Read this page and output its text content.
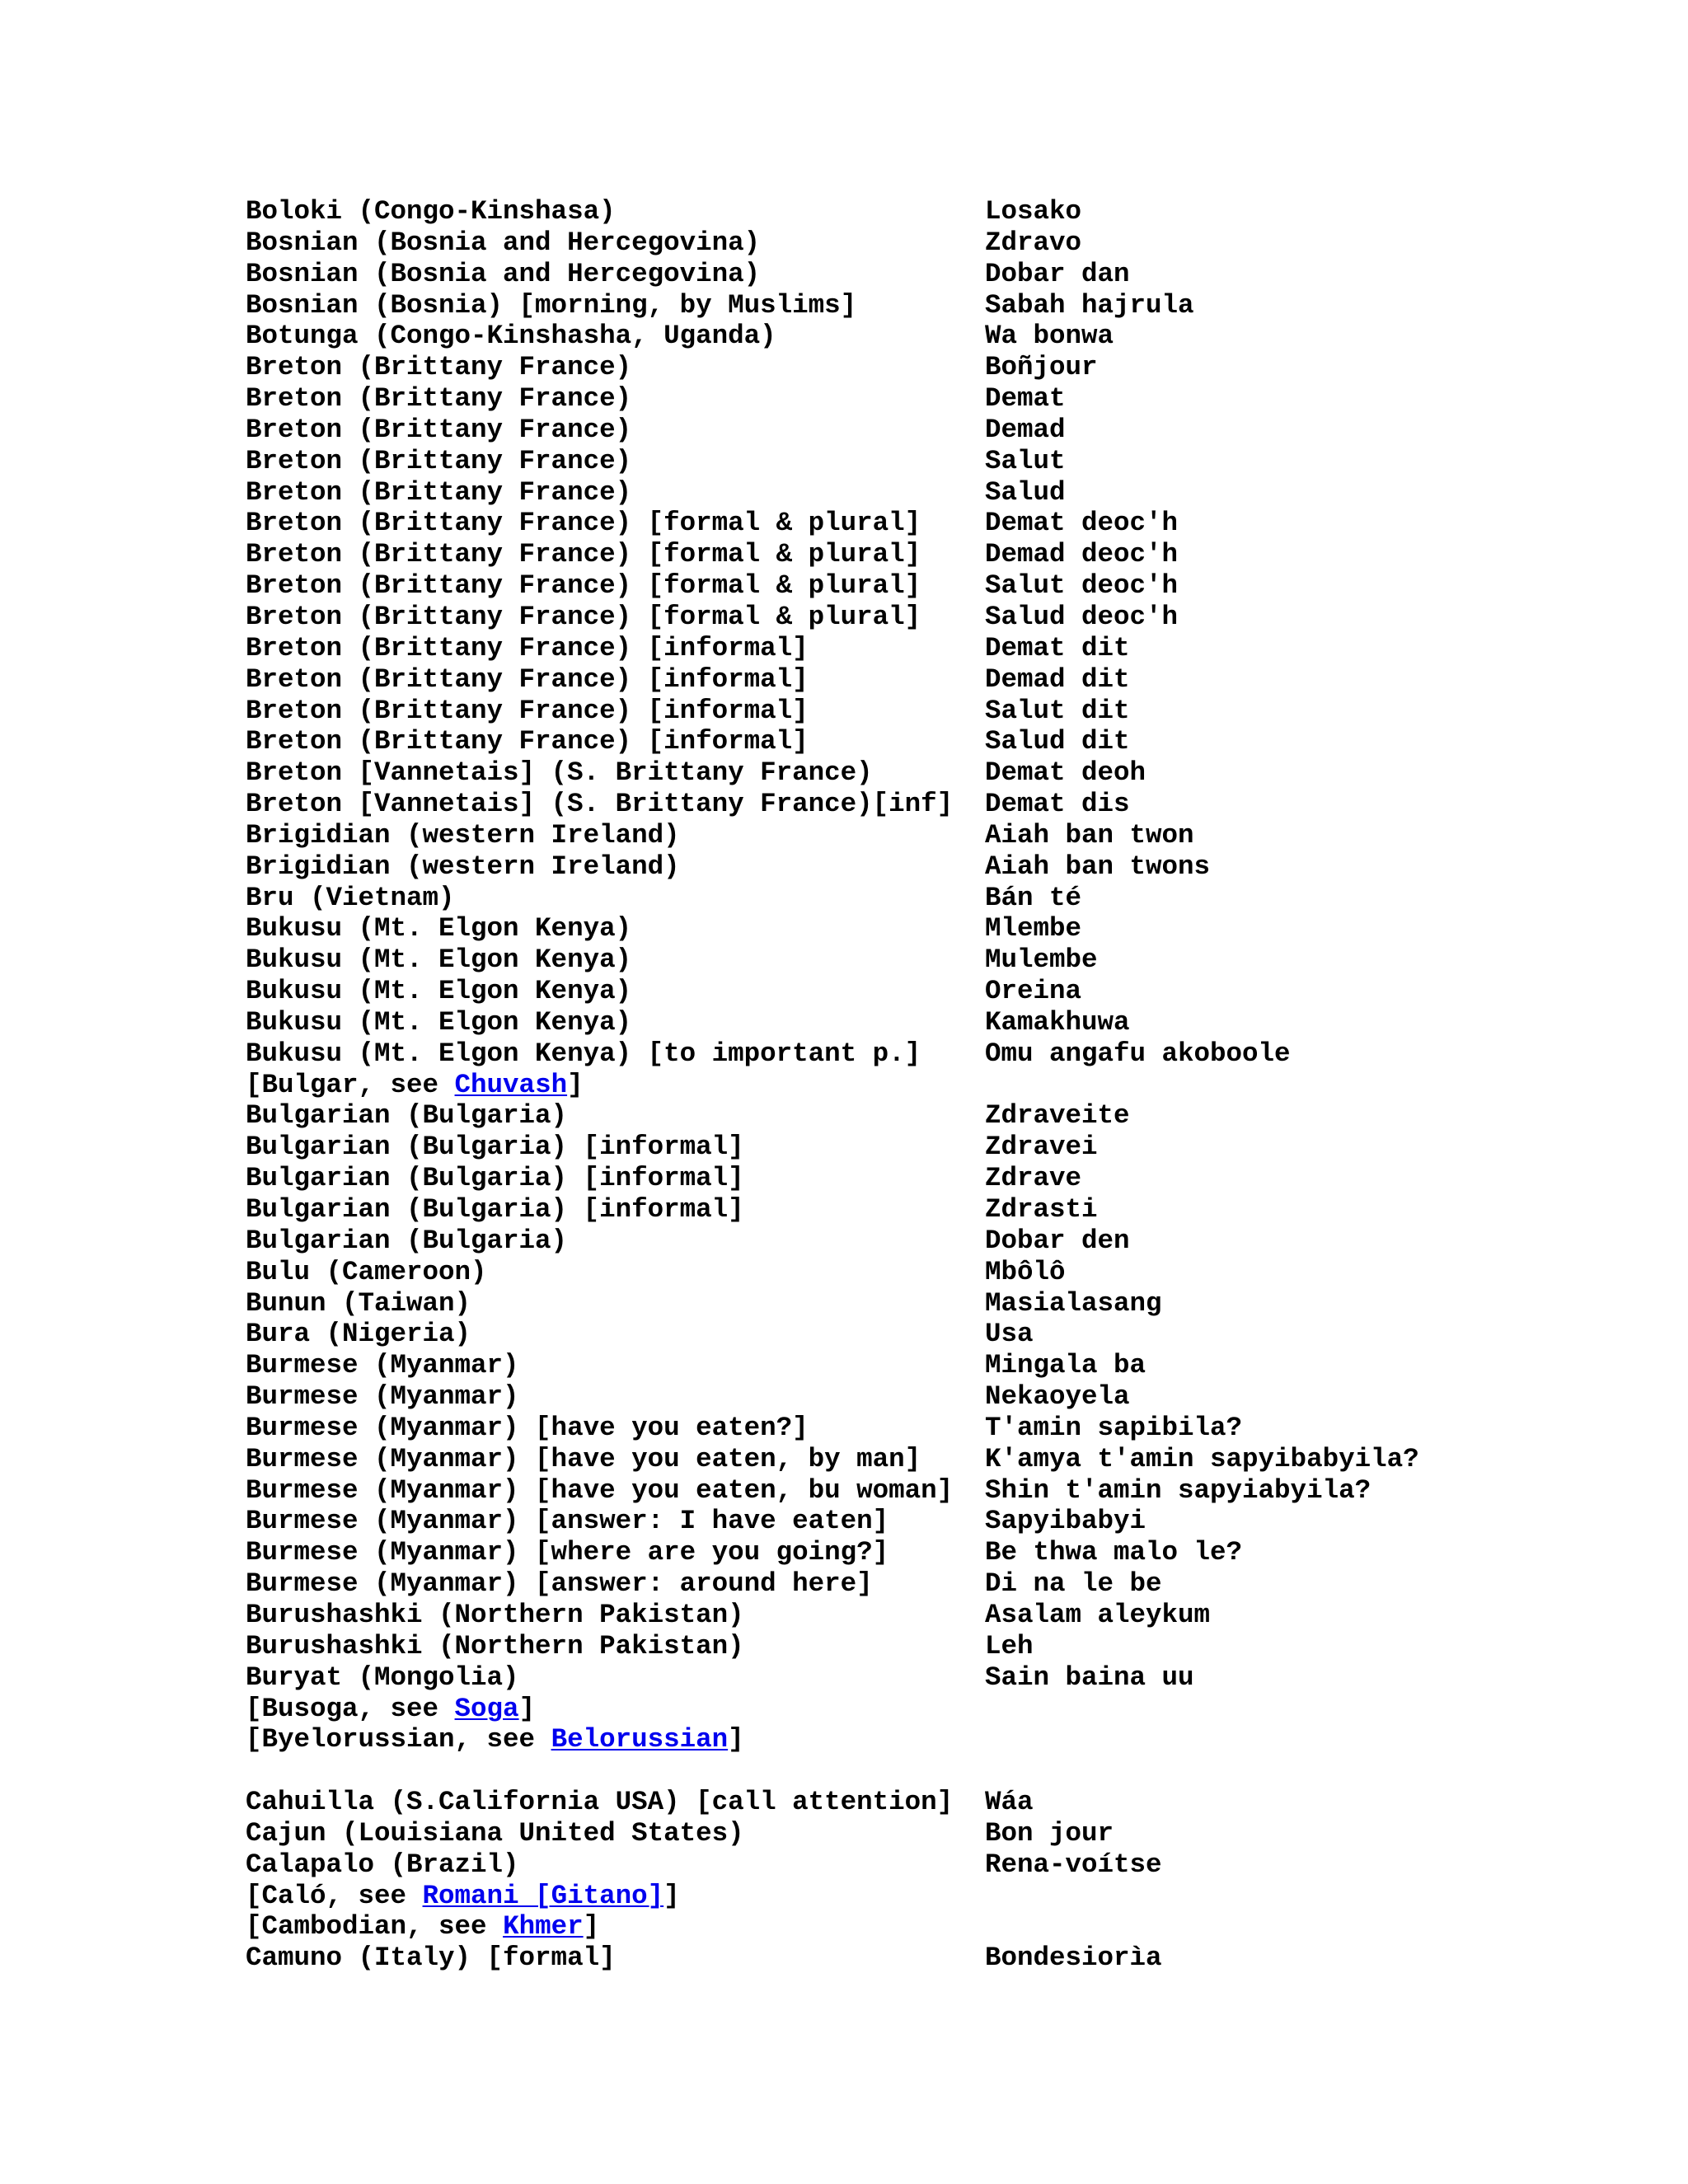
Boloki (Congo-Kinshasa)	Losako
Bosnian (Bosnia and Hercegovina)	Zdravo
Bosnian (Bosnia and Hercegovina)	Dobar dan
Bosnian (Bosnia) [morning, by Muslims]	Sabah hajrula
Botunga (Congo-Kinshasha, Uganda)	Wa bonwa
Breton (Brittany France)	Boñjour
Breton (Brittany France)	Demat
Breton (Brittany France)	Demad
Breton (Brittany France)	Salut
Breton (Brittany France)	Salud
Breton (Brittany France) [formal & plural] Demat deoc'h
Breton (Brittany France) [formal & plural] Demad deoc'h
Breton (Brittany France) [formal & plural] Salut deoc'h
Breton (Brittany France) [formal & plural] Salud deoc'h
Breton (Brittany France) [informal]	Demat dit
Breton (Brittany France) [informal]	Demad dit
Breton (Brittany France) [informal]	Salut dit
Breton (Brittany France) [informal]	Salud dit
Breton [Vannetais] (S. Brittany France)	Demat deoh
Breton [Vannetais] (S. Brittany France)[inf] Demat dis
Brigidian (western Ireland)	Aiah ban twon
Brigidian (western Ireland)	Aiah ban twons
Bru (Vietnam)	Bán té
Bukusu (Mt. Elgon Kenya)	Mlembe
Bukusu (Mt. Elgon Kenya)	Mulembe
Bukusu (Mt. Elgon Kenya)	Oreina
Bukusu (Mt. Elgon Kenya)	Kamakhuwa
Bukusu (Mt. Elgon Kenya) [to important p.] Omu angafu akoboole
[Bulgar, see Chuvash]
Bulgarian (Bulgaria)	Zdraveite
Bulgarian (Bulgaria) [informal]	Zdravei
Bulgarian (Bulgaria) [informal]	Zdrave
Bulgarian (Bulgaria) [informal]	Zdrasti
Bulgarian (Bulgaria)	Dobar den
Bulu (Cameroon)	Mbôlô
Bunun (Taiwan)	Masialasang
Bura (Nigeria)	Usa
Burmese (Myanmar)	Mingala ba
Burmese (Myanmar)	Nekaoyela
Burmese (Myanmar) [have you eaten?]	T'amin sapibila?
Burmese (Myanmar) [have you eaten, by man] K'amya t'amin sapyibabyila?
Burmese (Myanmar) [have you eaten, bu woman] Shin t'amin sapyiabyila?
Burmese (Myanmar) [answer: I have eaten]	Sapyibabyi
Burmese (Myanmar) [where are you going?]	Be thwa malo le?
Burmese (Myanmar) [answer: around here]	Di na le be
Burushashki (Northern Pakistan)	Asalam aleykum
Burushashki (Northern Pakistan)	Leh
Buryat (Mongolia)	Sain baina uu
[Busoga, see Soga]
[Byelorussian, see Belorussian]
Cahuilla (S.California USA) [call attention] Wáa
Cajun (Louisiana United States)	Bon jour
Calapalo (Brazil)	Rena-voítse
[Caló, see Romani [Gitano]]
[Cambodian, see Khmer]
Camuno (Italy) [formal]	Bondesiorìa
